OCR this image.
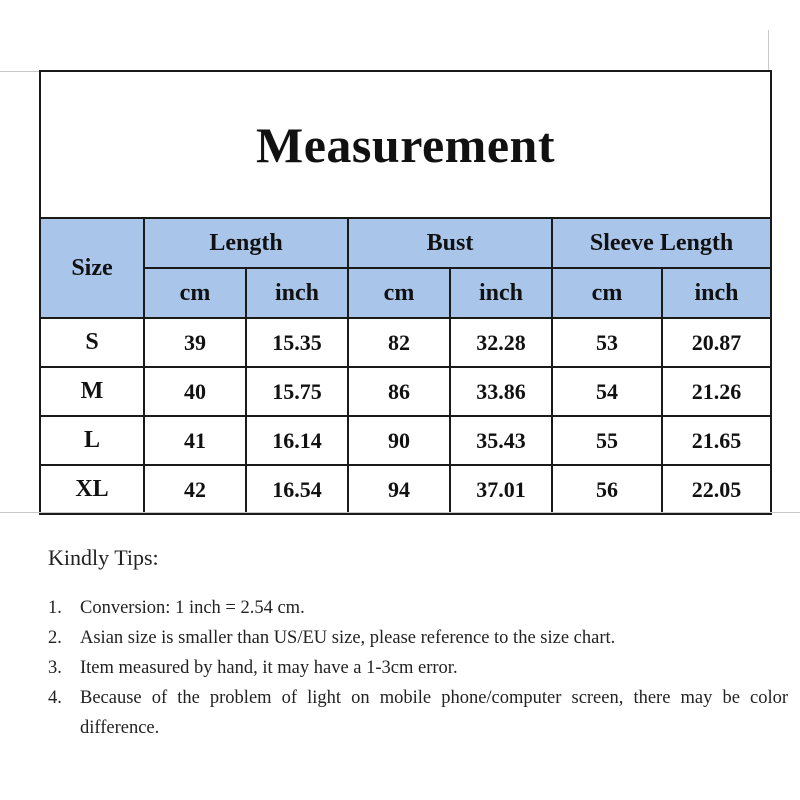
Measurement						
Size	Length		Bust		Sleeve Length	
	cm	inch	cm	inch	cm	inch
S	39	15.35	82	32.28	53	20.87
M	40	15.75	86	33.86	54	21.26
L	41	16.14	90	35.43	55	21.65
XL	42	16.54	94	37.01	56	22.05

Kindly Tips:

1. Conversion: 1 inch = 2.54 cm.
2. Asian size is smaller than US/EU size, please reference to the size chart.
3. Item measured by hand, it may have a 1-3cm error.
4. Because of the problem of light on mobile phone/computer screen, there may be color difference.
